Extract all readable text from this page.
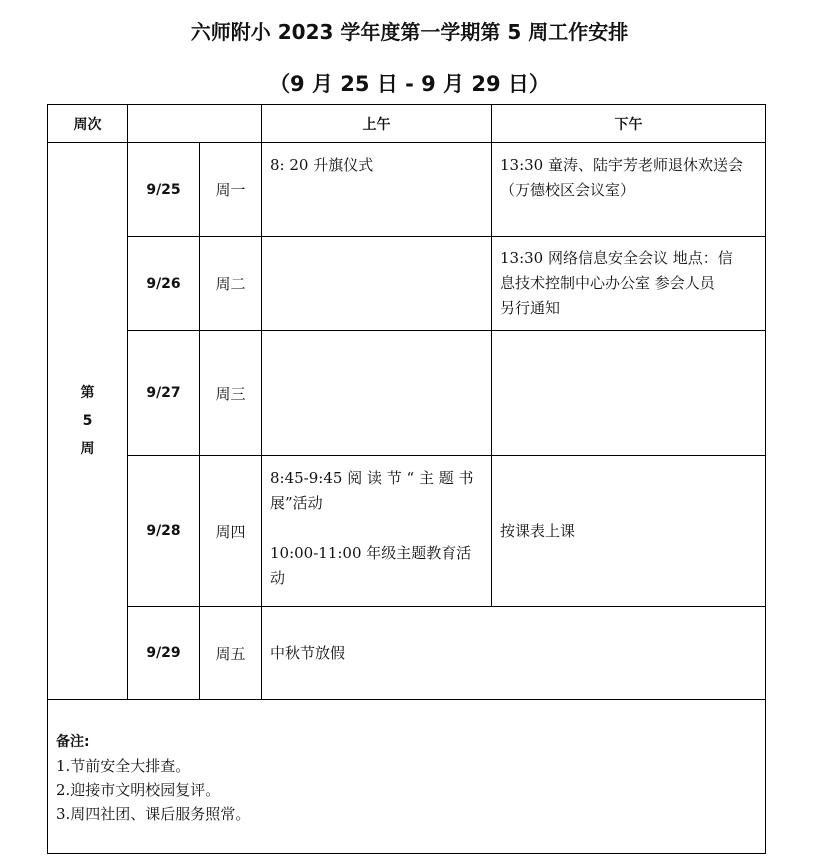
六师附小 2023 学年度第一学期第 5 周工作安排
（9 月 25 日 - 9 月 29 日）
周次			上午	下午

第
5
周	9/25	周一	8: 20 升旗仪式	13:30 童涛、陆宇芳老师退休欢送会
（万德校区会议室）

	9/26	周二		13:30 网络信息安全会议 地点：信
息技术控制中心办公室 参会人员
另行通知

	9/27	周三		
	9/28	周四	8:45-9:45 阅 读 节 “ 主 题 书
展”活动
10:00-11:00 年级主题教育活
动	按课表上课

	9/29	周五	中秋节放假	

备注:
1.节前安全大排查。
2.迎接市文明校园复评。
3.周四社团、课后服务照常。				
